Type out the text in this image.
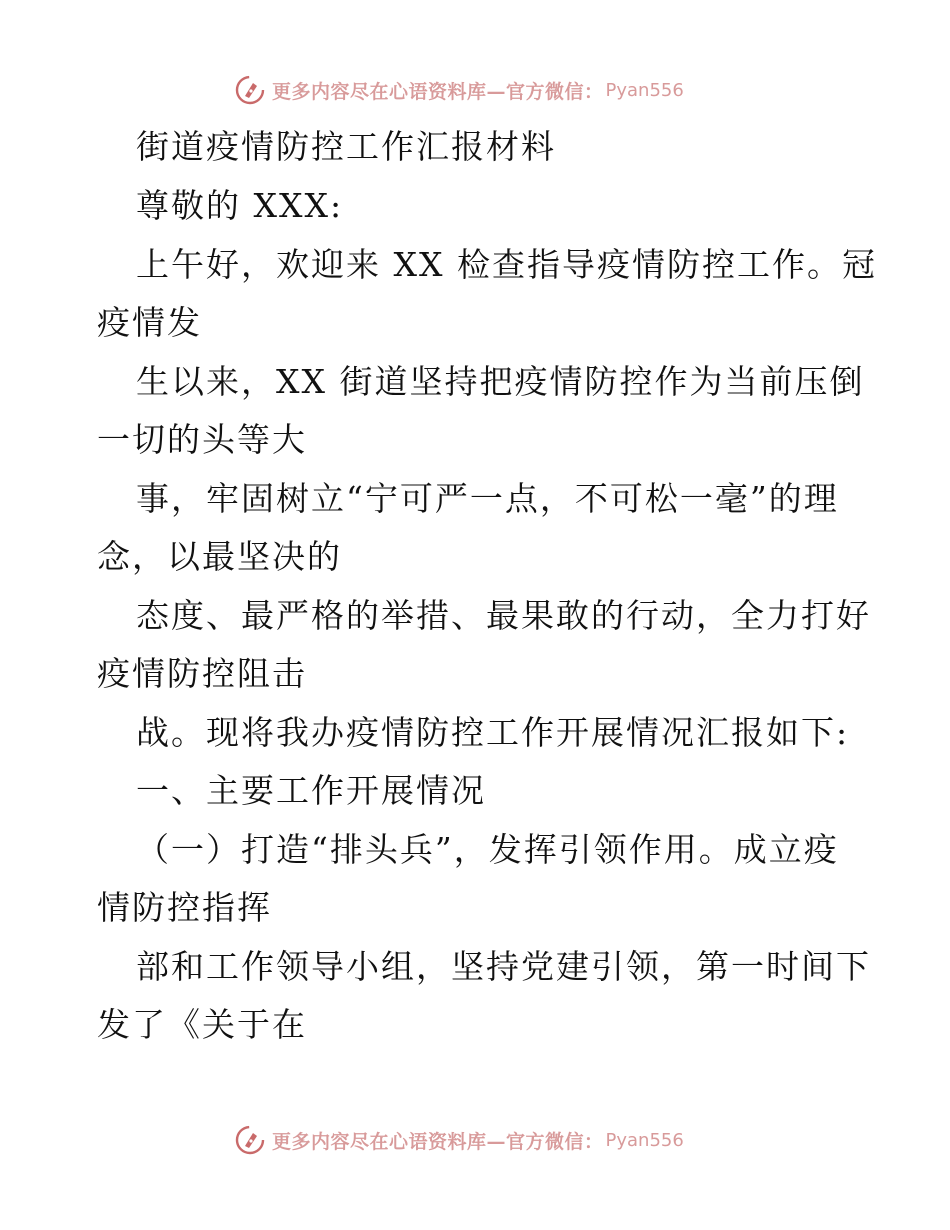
更多内容尽在心语资料库—官方微信： Pyan556
街道疫情防控工作汇报材料
尊敬的 XXX:
上午好，欢迎来 XX 检查指导疫情防控工作。冠
疫情发
生以来，XX 街道坚持把疫情防控作为当前压倒
一切的头等大
事，牢固树立“宁可严一点，不可松一毫”的理
念，以最坚决的
态度、最严格的举措、最果敢的行动，全力打好
疫情防控阻击
战。现将我办疫情防控工作开展情况汇报如下:
一、主要工作开展情况
（一）打造“排头兵”，发挥引领作用。成立疫
情防控指挥
部和工作领导小组，坚持党建引领，第一时间下
发了《关于在
更多内容尽在心语资料库—官方微信： Pyan556
